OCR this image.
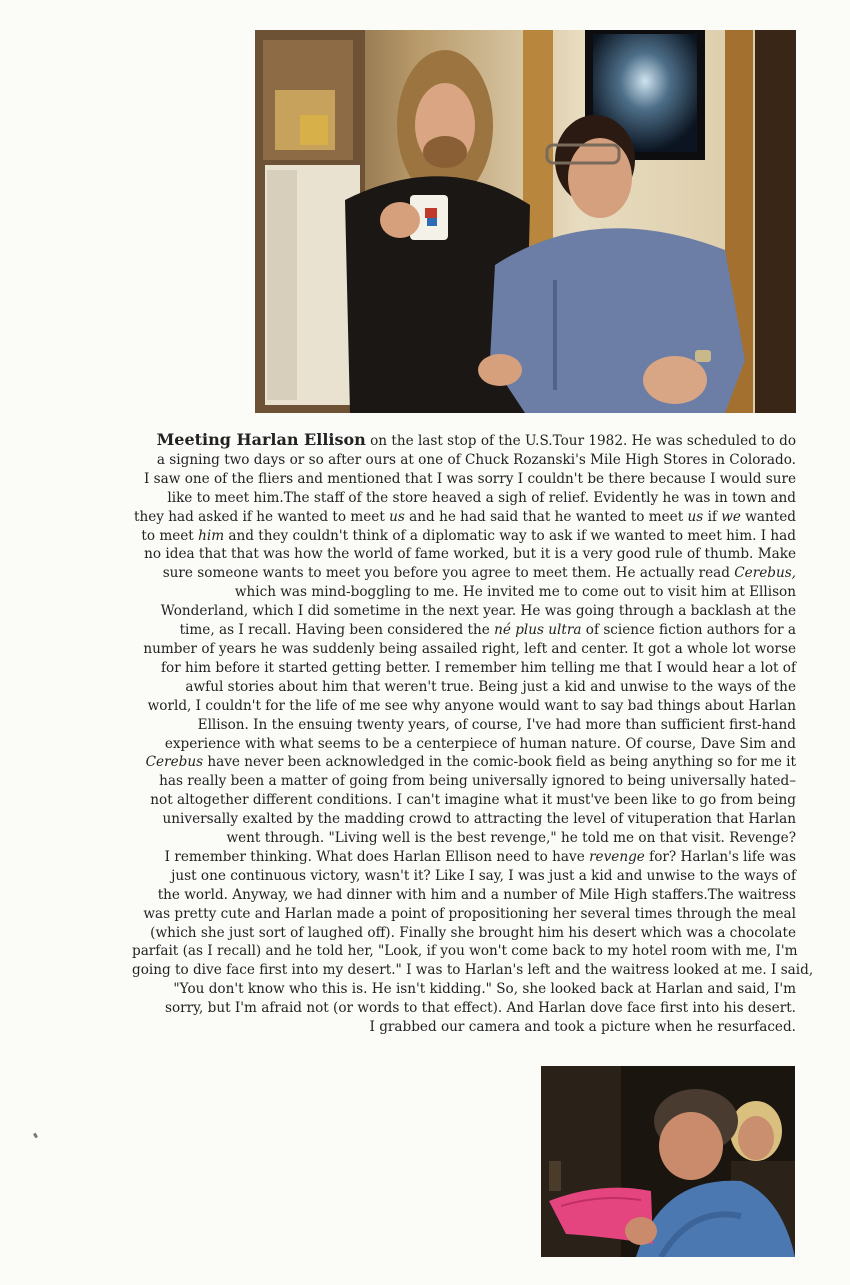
Meeting Harlan Ellison on the last stop of the U.S.Tour 1982. He was scheduled to do
a signing two days or so after ours at one of Chuck Rozanski's Mile High Stores in Colorado.
I saw one of the fliers and mentioned that I was sorry I couldn't be there because I would sure
like to meet him.The staff of the store heaved a sigh of relief. Evidently he was in town and
they had asked if he wanted to meet us and he had said that he wanted to meet us if we wanted
to meet him and they couldn't think of a diplomatic way to ask if we wanted to meet him. I had
no idea that that was how the world of fame worked, but it is a very good rule of thumb. Make
sure someone wants to meet you before you agree to meet them. He actually read Cerebus,
which was mind-boggling to me. He invited me to come out to visit him at Ellison
Wonderland, which I did sometime in the next year. He was going through a backlash at the
time, as I recall. Having been considered the né plus ultra of science fiction authors for a
number of years he was suddenly being assailed right, left and center. It got a whole lot worse
for him before it started getting better. I remember him telling me that I would hear a lot of
awful stories about him that weren't true. Being just a kid and unwise to the ways of the
world, I couldn't for the life of me see why anyone would want to say bad things about Harlan
Ellison. In the ensuing twenty years, of course, I've had more than sufficient first-hand
experience with what seems to be a centerpiece of human nature. Of course, Dave Sim and
Cerebus have never been acknowledged in the comic-book field as being anything so for me it
has really been a matter of going from being universally ignored to being universally hated–
not altogether different conditions. I can't imagine what it must've been like to go from being
universally exalted by the madding crowd to attracting the level of vituperation that Harlan
went through. "Living well is the best revenge," he told me on that visit. Revenge?
I remember thinking. What does Harlan Ellison need to have revenge for? Harlan's life was
just one continuous victory, wasn't it? Like I say, I was just a kid and unwise to the ways of
the world. Anyway, we had dinner with him and a number of Mile High staffers.The waitress
was pretty cute and Harlan made a point of propositioning her several times through the meal
(which she just sort of laughed off). Finally she brought him his desert which was a chocolate
parfait (as I recall) and he told her, "Look, if you won't come back to my hotel room with me, I'm
going to dive face first into my desert." I was to Harlan's left and the waitress looked at me. I said,
"You don't know who this is. He isn't kidding." So, she looked back at Harlan and said, I'm
sorry, but I'm afraid not (or words to that effect). And Harlan dove face first into his desert.
I grabbed our camera and took a picture when he resurfaced.
